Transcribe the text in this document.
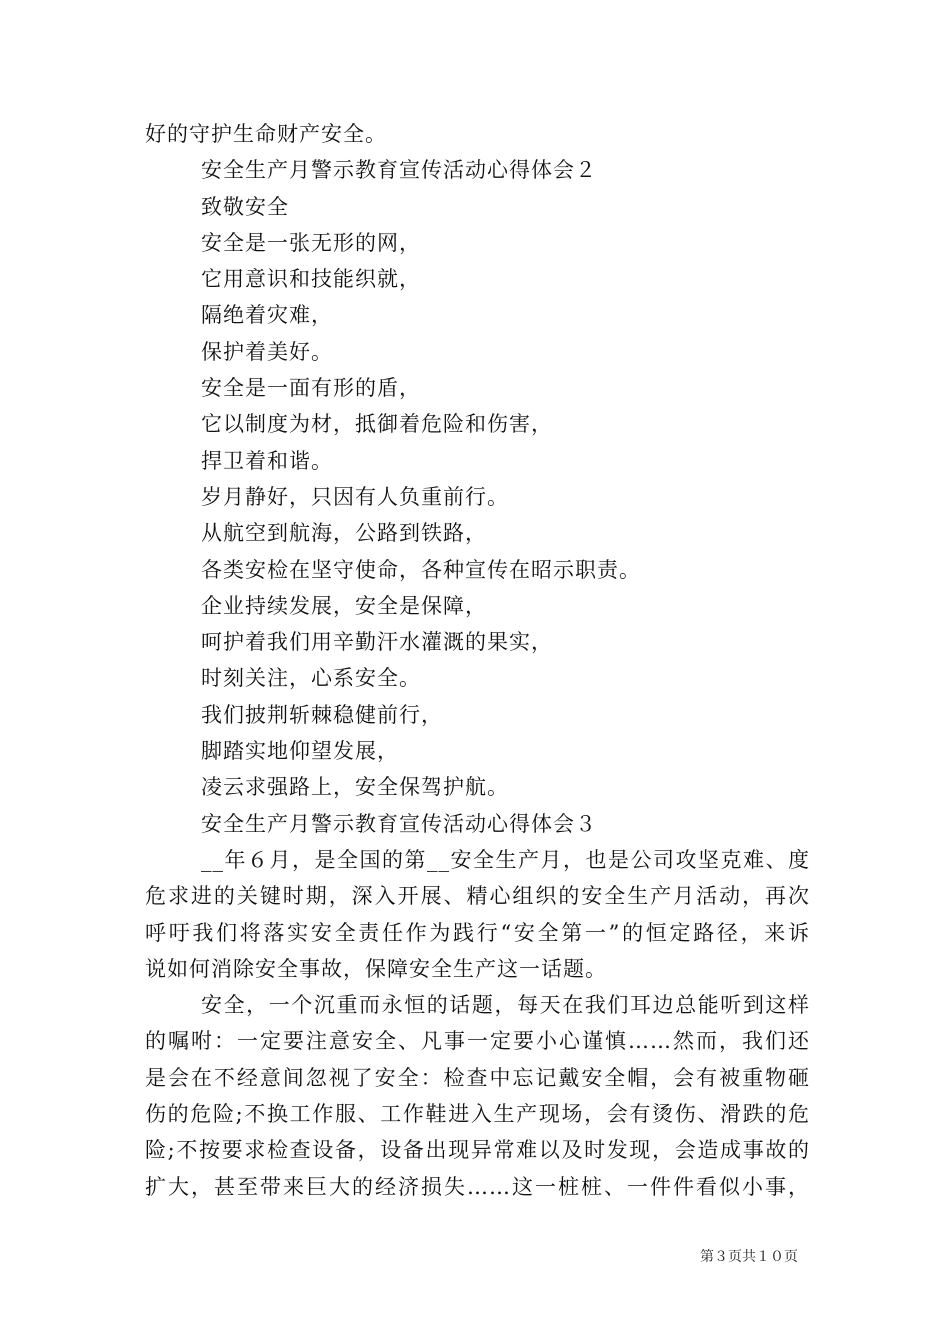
好的守护生命财产安全。
安全生产月警示教育宣传活动心得体会２
致敬安全
安全是一张无形的网，
它用意识和技能织就，
隔绝着灾难，
保护着美好。
安全是一面有形的盾，
它以制度为材，抵御着危险和伤害，
捍卫着和谐。
岁月静好，只因有人负重前行。
从航空到航海，公路到铁路，
各类安检在坚守使命，各种宣传在昭示职责。
企业持续发展，安全是保障，
呵护着我们用辛勤汗水灌溉的果实，
时刻关注，心系安全。
我们披荆斩棘稳健前行，
脚踏实地仰望发展，
凌云求强路上，安全保驾护航。
安全生产月警示教育宣传活动心得体会３
__年６月，是全国的第__安全生产月，也是公司攻坚克难、度
危求进的关键时期，深入开展、精心组织的安全生产月活动，再次
呼吁我们将落实安全责任作为践行“安全第一”的恒定路径，来诉
说如何消除安全事故，保障安全生产这一话题。
安全，一个沉重而永恒的话题，每天在我们耳边总能听到这样
的嘱咐：一定要注意安全、凡事一定要小心谨慎……然而，我们还
是会在不经意间忽视了安全：检查中忘记戴安全帽，会有被重物砸
伤的危险;不换工作服、工作鞋进入生产现场，会有烫伤、滑跌的危
险;不按要求检查设备，设备出现异常难以及时发现，会造成事故的
扩大，甚至带来巨大的经济损失……这一桩桩、一件件看似小事，
第３页共１０页
